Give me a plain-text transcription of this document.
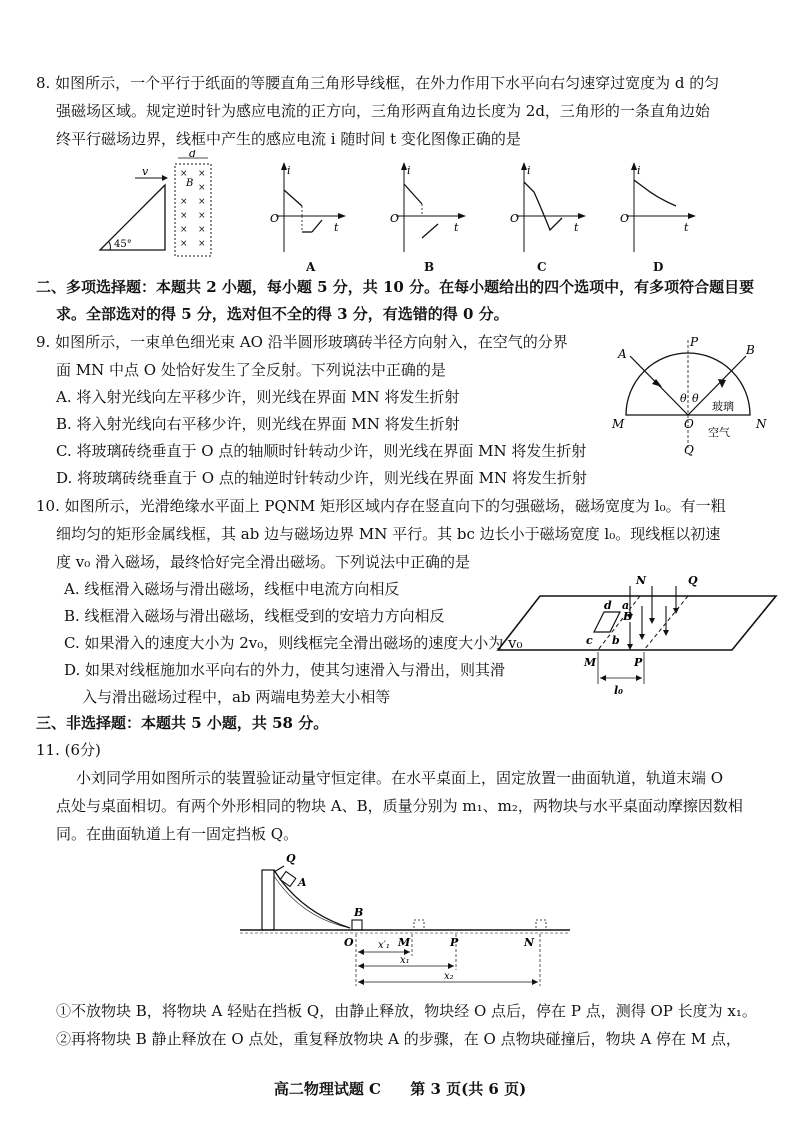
8. 如图所示，一个平行于纸面的等腰直角三角形导线框，在外力作用下水平向右匀速穿过宽度为 d 的匀
强磁场区域。规定逆时针为感应电流的正方向，三角形两直角边长度为 2d，三角形的一条直角边始
终平行磁场边界，线框中产生的感应电流 i 随时间 t 变化图像正确的是
45°
v
d
B
× ×
×
× ×
× ×
× ×
× ×
i
t
O
A
i
t
O
B
i
t
O
C
i
t
O
D
二、多项选择题：本题共 2 小题，每小题 5 分，共 10 分。在每小题给出的四个选项中，有多项符合题目要
求。全部选对的得 5 分，选对但不全的得 3 分，有选错的得 0 分。
9. 如图所示，一束单色细光束 AO 沿半圆形玻璃砖半径方向射入，在空气的分界
面 MN 中点 O 处恰好发生了全反射。下列说法中正确的是
A. 将入射光线向左平移少许，则光线在界面 MN 将发生折射
B. 将入射光线向右平移少许，则光线在界面 MN 将发生折射
C. 将玻璃砖绕垂直于 O 点的轴顺时针转动少许，则光线在界面 MN 将发生折射
D. 将玻璃砖绕垂直于 O 点的轴逆时针转动少许，则光线在界面 MN 将发生折射
A	B
P
θ θ
玻璃
M	N
O
空气
Q
10. 如图所示，光滑绝缘水平面上 PQNM 矩形区域内存在竖直向下的匀强磁场，磁场宽度为 l₀。有一粗
细均匀的矩形金属线框，其 ab 边与磁场边界 MN 平行。其 bc 边长小于磁场宽度 l₀。现线框以初速
度 v₀ 滑入磁场，最终恰好完全滑出磁场。下列说法中正确的是
A. 线框滑入磁场与滑出磁场，线框中电流方向相反
B. 线框滑入磁场与滑出磁场，线框受到的安培力方向相反
C. 如果滑入的速度大小为 2v₀，则线框完全滑出磁场的速度大小为 v₀
D. 如果对线框施加水平向右的外力，使其匀速滑入与滑出，则其滑
入与滑出磁场过程中，ab 两端电势差大小相等
N	Q
M	P
d a
c b
B
l₀
三、非选择题：本题共 5 小题，共 58 分。
11. (6分)
小刘同学用如图所示的装置验证动量守恒定律。在水平桌面上，固定放置一曲面轨道，轨道末端 O
点处与桌面相切。有两个外形相同的物块 A、B，质量分别为 m₁、m₂，两物块与水平桌面动摩擦因数相
同。在曲面轨道上有一固定挡板 Q。
Q
A
B
O	M	P	N
x′₁
x₁
x₂
①不放物块 B，将物块 A 轻贴在挡板 Q，由静止释放，物块经 O 点后，停在 P 点，测得 OP 长度为 x₁。
②再将物块 B 静止释放在 O 点处，重复释放物块 A 的步骤，在 O 点物块碰撞后，物块 A 停在 M 点，
高二物理试题 C 第 3 页(共 6 页)
